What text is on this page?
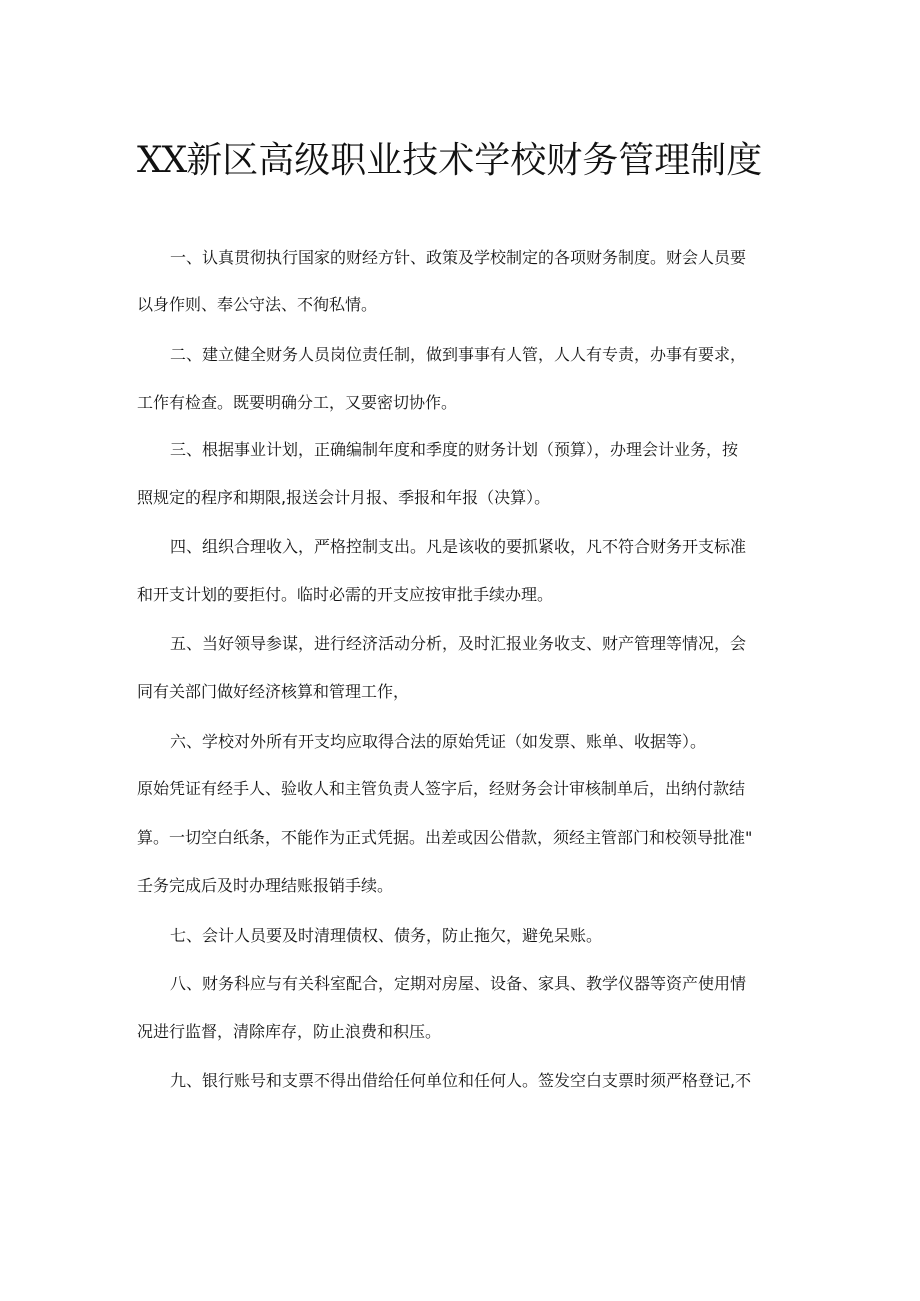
XX新区高级职业技术学校财务管理制度

一、认真贯彻执行国家的财经方针、政策及学校制定的各项财务制度。财会人员要

以身作则、奉公守法、不徇私情。

二、建立健全财务人员岗位责任制，做到事事有人管，人人有专责，办事有要求，

工作有检查。既要明确分工，又要密切协作。

三、根据事业计划，正确编制年度和季度的财务计划（预算），办理会计业务，按

照规定的程序和期限,报送会计月报、季报和年报（决算）。

四、组织合理收入，严格控制支出。凡是该收的要抓紧收，凡不符合财务开支标准

和开支计划的要拒付。临时必需的开支应按审批手续办理。

五、当好领导参谋，进行经济活动分析，及时汇报业务收支、财产管理等情况，会

同有关部门做好经济核算和管理工作，

六、学校对外所有开支均应取得合法的原始凭证（如发票、账单、收据等）。

原始凭证有经手人、验收人和主管负责人签字后，经财务会计审核制单后，出纳付款结

算。一切空白纸条，不能作为正式凭据。出差或因公借款，须经主管部门和校领导批准"

壬务完成后及时办理结账报销手续。

七、会计人员要及时清理债权、债务，防止拖欠，避免呆账。

八、财务科应与有关科室配合，定期对房屋、设备、家具、教学仪器等资产使用情

况进行监督，清除库存，防止浪费和积压。

九、银行账号和支票不得出借给任何单位和任何人。签发空白支票时须严格登记,不
